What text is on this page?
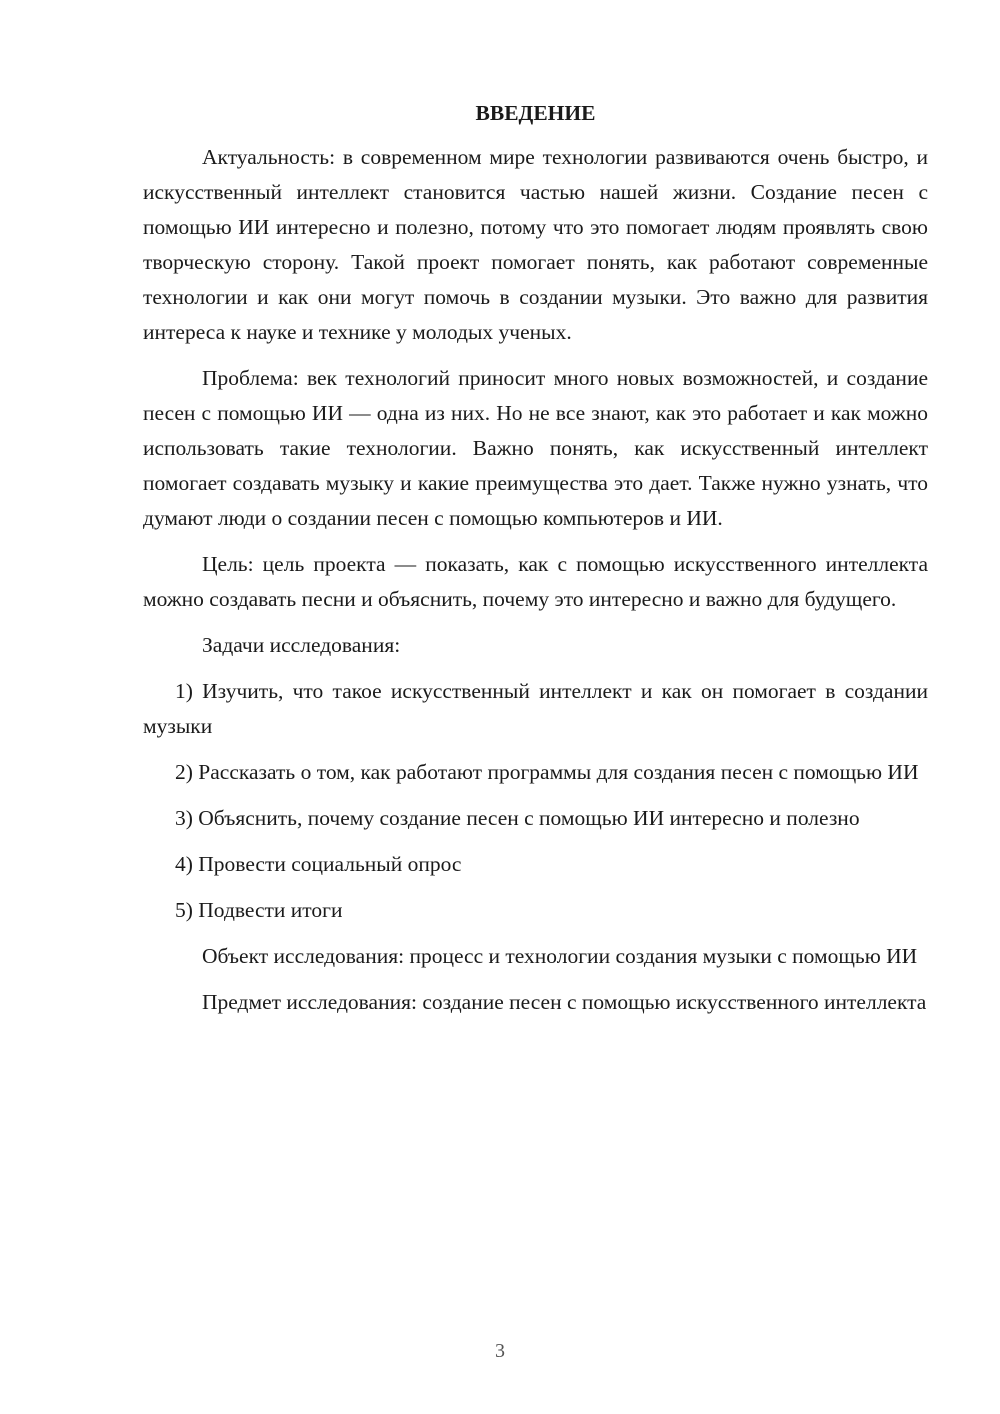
ВВЕДЕНИЕ

Актуальность: в современном мире технологии развиваются очень быстро, и искусственный интеллект становится частью нашей жизни. Создание песен с помощью ИИ интересно и полезно, потому что это помогает людям проявлять свою творческую сторону. Такой проект помогает понять, как работают современные технологии и как они могут помочь в создании музыки. Это важно для развития интереса к науке и технике у молодых ученых.

Проблема: век технологий приносит много новых возможностей, и создание песен с помощью ИИ — одна из них. Но не все знают, как это работает и как можно использовать такие технологии. Важно понять, как искусственный интеллект помогает создавать музыку и какие преимущества это дает. Также нужно узнать, что думают люди о создании песен с помощью компьютеров и ИИ.

Цель: цель проекта — показать, как с помощью искусственного интеллекта можно создавать песни и объяснить, почему это интересно и важно для будущего.

Задачи исследования:

1) Изучить, что такое искусственный интеллект и как он помогает в создании музыки

2) Рассказать о том, как работают программы для создания песен с помощью ИИ

3) Объяснить, почему создание песен с помощью ИИ интересно и полезно

4) Провести социальный опрос

5) Подвести итоги

Объект исследования: процесс и технологии создания музыки с помощью ИИ

Предмет исследования: создание песен с помощью искусственного интеллекта

3
